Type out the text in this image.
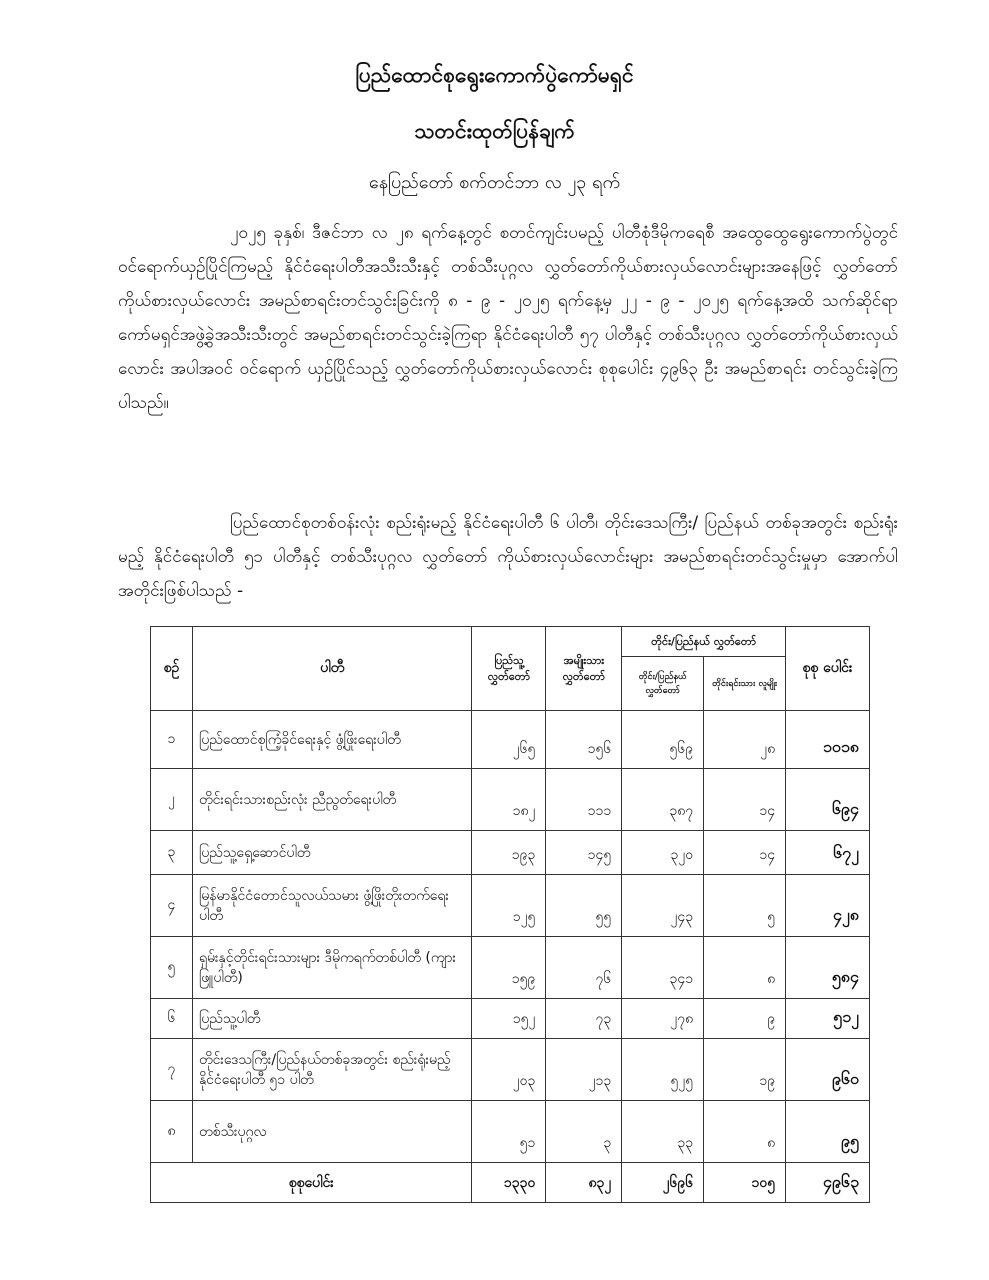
ပြည်ထောင်စုရွေးကောက်ပွဲကော်မရှင်
သတင်းထုတ်ပြန်ချက်
နေပြည်တော် စက်တင်ဘာ လ ၂၃ ရက်
၂၀၂၅ ခုနှစ်၊ ဒီဇင်ဘာ လ ၂၈ ရက်နေ့တွင် စတင်ကျင်းပမည့် ပါတီစုံဒီမိုကရေစီ အထွေထွေရွေးကောက်ပွဲတွင် ဝင်ရောက်ယှဉ်ပြိုင်ကြမည့် နိုင်ငံရေးပါတီအသီးသီးနှင့် တစ်သီးပုဂ္ဂလ လွှတ်တော်ကိုယ်စားလှယ်လောင်းများအနေဖြင့် လွှတ်တော်ကိုယ်စားလှယ်လောင်း အမည်စာရင်းတင်သွင်းခြင်းကို ၈ - ၉ - ၂၀၂၅ ရက်နေ့မှ ၂၂ - ၉ - ၂၀၂၅ ရက်နေ့အထိ သက်ဆိုင်ရာကော်မရှင်အဖွဲ့ခွဲအသီးသီးတွင် အမည်စာရင်းတင်သွင်းခဲ့ကြရာ နိုင်ငံရေးပါတီ ၅၇ ပါတီနှင့် တစ်သီးပုဂ္ဂလ လွှတ်တော်ကိုယ်စားလှယ်လောင်း အပါအဝင် ဝင်ရောက် ယှဉ်ပြိုင်သည့် လွှတ်တော်ကိုယ်စားလှယ်လောင်း စုစုပေါင်း ၄၉၆၃ ဦး အမည်စာရင်း တင်သွင်းခဲ့ကြပါသည်။
ပြည်ထောင်စုတစ်ဝန်းလုံး စည်းရုံးမည့် နိုင်ငံရေးပါတီ ၆ ပါတီ၊ တိုင်းဒေသကြီး/ ပြည်နယ် တစ်ခုအတွင်း စည်းရုံးမည့် နိုင်ငံရေးပါတီ ၅၁ ပါတီနှင့် တစ်သီးပုဂ္ဂလ လွှတ်တော် ကိုယ်စားလှယ်လောင်းများ အမည်စာရင်းတင်သွင်းမှုမှာ အောက်ပါအတိုင်းဖြစ်ပါသည် -
စဉ်	ပါတီ	ပြည်သူ့ လွှတ်တော်	အမျိုးသား လွှတ်တော်	တိုင်း/ပြည်နယ် လွှတ်တော်		စုစု ပေါင်း
				တိုင်း/ပြည်နယ် လွှတ်တော်	တိုင်းရင်းသား လူမျိုး	
၁	ပြည်ထောင်စုကြံ့ခိုင်ရေးနှင့် ဖွံ့ဖြိုးရေးပါတီ	၂၆၅	၁၅၆	၅၆၉	၂၈	၁၀၁၈
၂	တိုင်းရင်းသားစည်းလုံး ညီညွတ်ရေးပါတီ	၁၈၂	၁၁၁	၃၈၇	၁၄	၆၉၄
၃	ပြည်သူ့ရှေ့ဆောင်ပါတီ	၁၉၃	၁၄၅	၃၂၀	၁၄	၆၇၂
၄	မြန်မာနိုင်ငံတောင်သူလယ်သမား ဖွံ့ဖြိုးတိုးတက်ရေးပါတီ	၁၂၅	၅၅	၂၄၃	၅	၄၂၈
၅	ရှမ်းနှင့်တိုင်းရင်းသားများ ဒီမိုကရက်တစ်ပါတီ (ကျားဖြူပါတီ)	၁၅၉	၇၆	၃၄၁	၈	၅၈၄
၆	ပြည်သူ့ပါတီ	၁၅၂	၇၃	၂၇၈	၉	၅၁၂
၇	တိုင်းဒေသကြီး/ပြည်နယ်တစ်ခုအတွင်း စည်းရုံးမည့် နိုင်ငံရေးပါတီ ၅၁ ပါတီ	၂၀၃	၂၁၃	၅၂၅	၁၉	၉၆၀
၈	တစ်သီးပုဂ္ဂလ	၅၁	၃	၃၃	၈	၉၅
စုစုပေါင်း		၁၃၃၀	၈၃၂	၂၆၉၆	၁၀၅	၄၉၆၃
